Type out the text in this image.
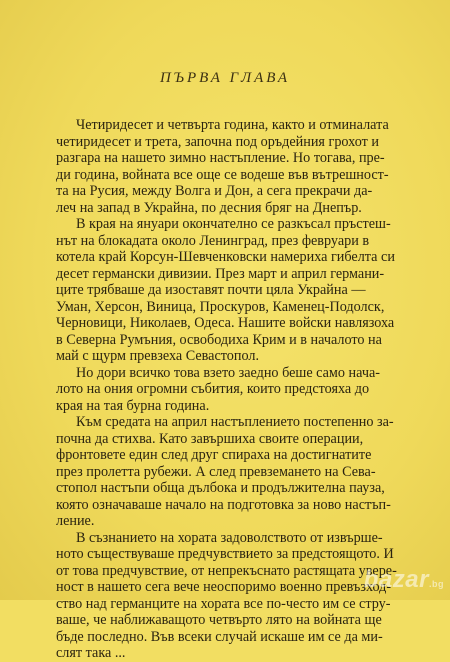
ПЪРВА ГЛАВА

Четиридесет и четвърта година, както и отминалата
четиридесет и трета, започна под оръдейния грохот и
разгара на нашето зимно настъпление. Но тогава, пре-
ди година, войната все още се водеше във вътрешност-
та на Русия, между Волга и Дон, а сега прекрачи да-
леч на запад в Украйна, по десния бряг на Днепър.

В края на януари окончателно се разкъсал пръстеш-
нът на блокадата около Ленинград, през февруари в
котела край Корсун-Шевченковски намериха гибелта си
десет германски дивизии. През март и април германи-
ците трябваше да изоставят почти цяла Украйна —
Уман, Херсон, Виница, Проскуров, Каменец-Подолск,
Черновици, Николаев, Одеса. Нашите войски навлязоха
в Северна Румъния, освободиха Крим и в началото на
май с щурм превзеха Севастопол.

Но дори всичко това взето заедно беше само нача-
лото на ония огромни събития, които предстояха до
края на тая бурна година.

Към средата на април настъплението постепенно за-
почна да стихва. Като завършиха своите операции,
фронтовете един след друг спираха на достигнатите
през пролетта рубежи. А след превземането на Сева-
стопол настъпи обща дълбока и продължителна пауза,
която означаваше начало на подготовка за ново настъп-
ление.

В съзнанието на хората задоволството от извърше-
ното съществуваше предчувствието за предстоящото. И
от това предчувствие, от непрекъснато растящата увере-
ност в нашето сега вече неоспоримо военно превъзход-
ство над германците на хората все по-често им се стру-
ваше, че наближаващото четвърто лято на войната ще
бъде последно. Във всеки случай искаше им се да ми-
слят така ...

bazar.bg
